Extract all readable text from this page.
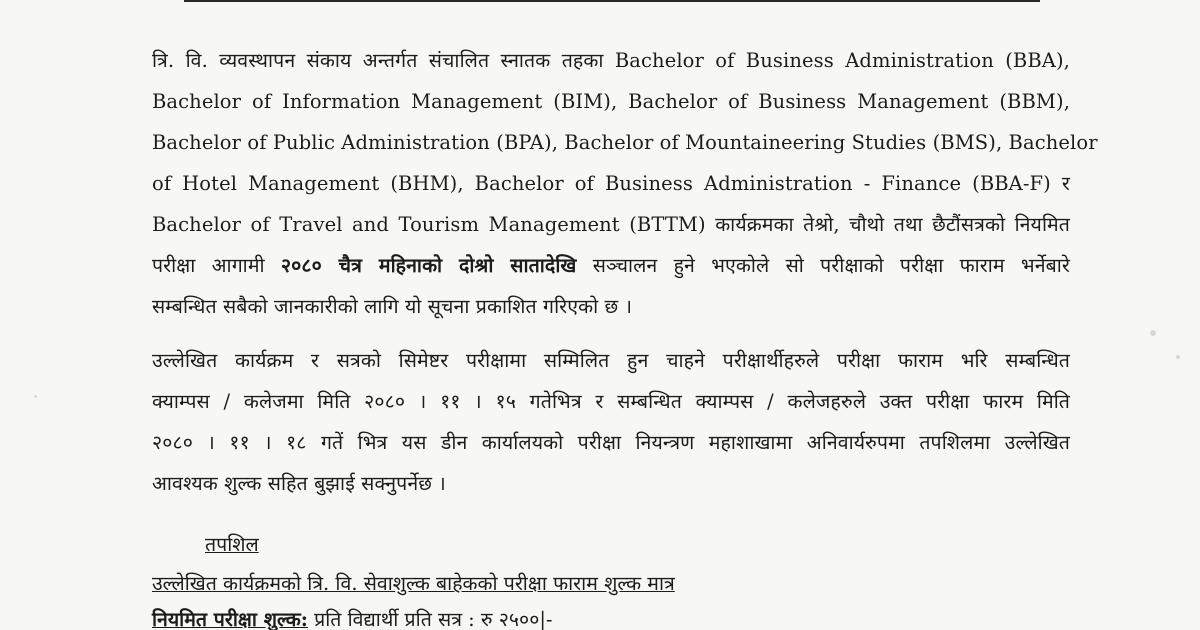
त्रि. वि. व्यवस्थापन संकाय अन्तर्गत संचालित स्नातक तहका Bachelor of Business Administration (BBA),
Bachelor of Information Management (BIM), Bachelor of Business Management (BBM),
Bachelor of Public Administration (BPA), Bachelor of Mountaineering Studies (BMS), Bachelor
of Hotel Management (BHM), Bachelor of Business Administration - Finance (BBA-F) र
Bachelor of Travel and Tourism Management (BTTM) कार्यक्रमका तेश्रो, चौथो तथा छैटौंसत्रको नियमित
परीक्षा आगामी २०८० चैत्र महिनाको दोश्रो सातादेखि सञ्चालन हुने भएकोले सो परीक्षाको परीक्षा फाराम भर्नेबारे
सम्बन्धित सबैको जानकारीको लागि यो सूचना प्रकाशित गरिएको छ ।
उल्लेखित कार्यक्रम र सत्रको सिमेष्टर परीक्षामा सम्मिलित हुन चाहने परीक्षार्थीहरुले परीक्षा फाराम भरि सम्बन्धित
क्याम्पस / कलेजमा मिति २०८० । ११ । १५ गतेभित्र र सम्बन्धित क्याम्पस / कलेजहरुले उक्त परीक्षा फारम मिति
२०८० । ११ । १८ गतें भित्र यस डीन कार्यालयको परीक्षा नियन्त्रण महाशाखामा अनिवार्यरुपमा तपशिलमा उल्लेखित
आवश्यक शुल्क सहित बुझाई सक्नुपर्नेछ ।
तपशिल
उल्लेखित कार्यक्रमको त्रि. वि. सेवाशुल्क बाहेकको परीक्षा फाराम शुल्क मात्र
नियमित परीक्षा शुल्क: प्रति विद्यार्थी प्रति सत्र : रु २५००|-
